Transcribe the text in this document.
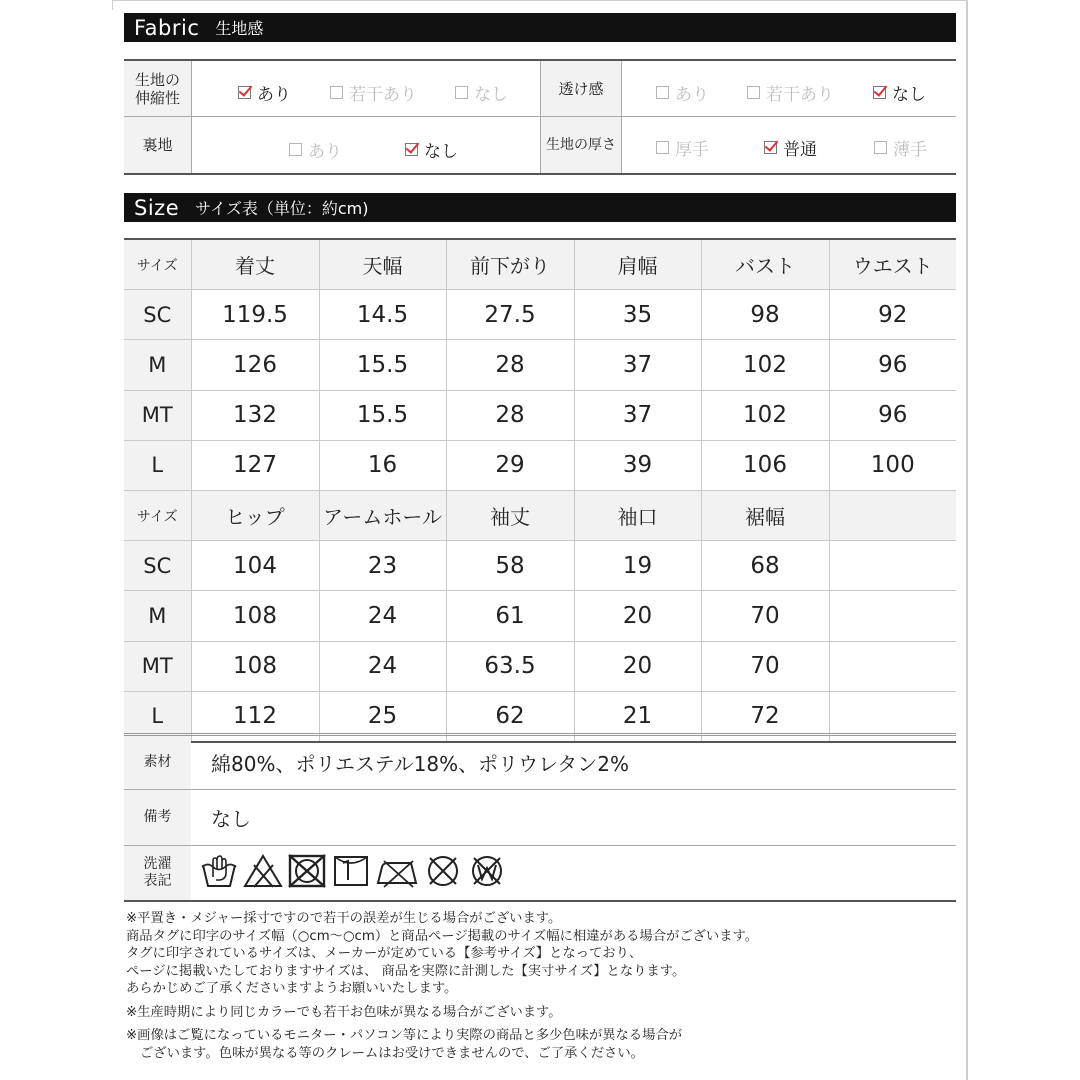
Fabric 生地感
生地の
伸縮性	あり	若干あり	なし	透け感	あり	若干あり	なし
裏地	あり	なし	生地の厚さ	厚手	普通	薄手
Size サイズ表（単位：約cm)
サイズ	着丈	天幅	前下がり	肩幅	バスト	ウエスト
SC	119.5	14.5	27.5	35	98	92
M	126	15.5	28	37	102	96
MT	132	15.5	28	37	102	96
L	127	16	29	39	106	100
サイズ	ヒップ	アームホール	袖丈	袖口	裾幅	
SC	104	23	58	19	68	
M	108	24	61	20	70	
MT	108	24	63.5	20	70	
L	112	25	62	21	72	
素材	綿80%、ポリエステル18%、ポリウレタン2%
備考	なし
洗濯
表記
※平置き・メジャー採寸ですので若干の誤差が生じる場合がございます。
商品タグに印字のサイズ幅（○cm〜○cm）と商品ページ掲載のサイズ幅に相違がある場合がございます。
タグに印字されているサイズは、メーカーが定めている【参考サイズ】となっており、
ページに掲載いたしておりますサイズは、 商品を実際に計測した【実寸サイズ】となります。
あらかじめご了承くださいますようお願いいたします。
※生産時期により同じカラーでも若干お色味が異なる場合がございます。
※画像はご覧になっているモニター・パソコン等により実際の商品と多少色味が異なる場合が
ございます。色味が異なる等のクレームはお受けできませんので、ご了承ください。
